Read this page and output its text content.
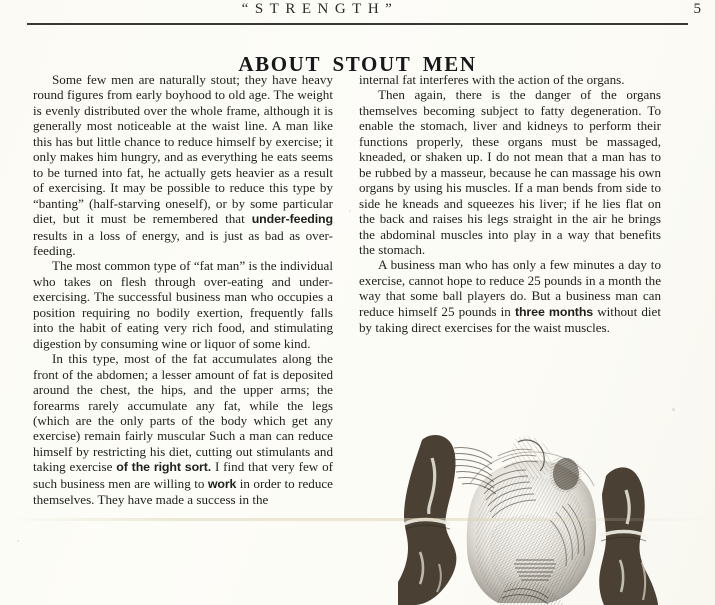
“STRENGTH”	5
ABOUT STOUT MEN

Some few men are naturally stout; they have heavy round figures from early boyhood to old age. The weight is evenly distributed over the whole frame, although it is generally most noticeable at the waist line. A man like this has but little chance to reduce himself by exercise; it only makes him hungry, and as everything he eats seems to be turned into fat, he actually gets heavier as a result of exercising. It may be possible to reduce this type by “banting” (half-starving oneself), or by some particular diet, but it must be remembered that under-feeding results in a loss of energy, and is just as bad as over-feeding.

The most common type of “fat man” is the individual who takes on flesh through over-eating and under-exercising. The successful business man who occupies a position requiring no bodily exertion, frequently falls into the habit of eating very rich food, and stimulating digestion by consuming wine or liquor of some kind.

In this type, most of the fat accumulates along the front of the abdomen; a lesser amount of fat is deposited around the chest, the hips, and the upper arms; the forearms rarely accumulate any fat, while the legs (which are the only parts of the body which get any exercise) remain fairly muscular Such a man can reduce himself by restricting his diet, cutting out stimulants and taking exercise of the right sort. I find that very few of such business men are willing to work in order to reduce themselves. They have made a success in the

internal fat interferes with the action of the organs.

Then again, there is the danger of the organs themselves becoming subject to fatty degeneration. To enable the stomach, liver and kidneys to perform their functions properly, these organs must be massaged, kneaded, or shaken up. I do not mean that a man has to be rubbed by a masseur, because he can massage his own organs by using his muscles. If a man bends from side to side he kneads and squeezes his liver; if he lies flat on the back and raises his legs straight in the air he brings the abdominal muscles into play in a way that benefits the stomach.

A business man who has only a few minutes a day to exercise, cannot hope to reduce 25 pounds in a month the way that some ball players do. But a business man can reduce himself 25 pounds in three months without diet by taking direct exercises for the waist muscles.
